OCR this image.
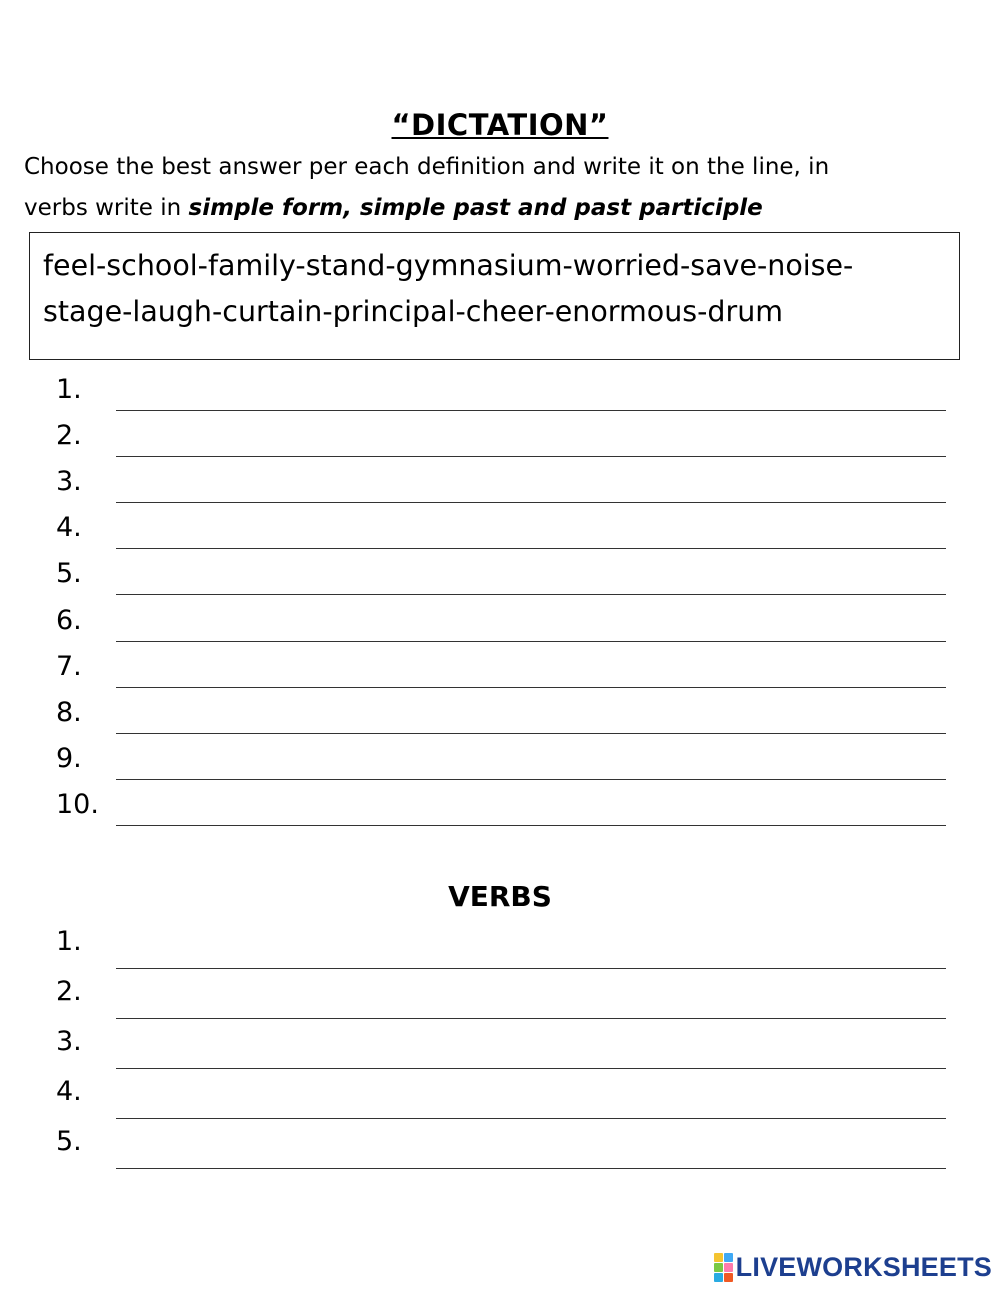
“DICTATION”
Choose the best answer per each definition and write it on the line, in
verbs write in simple form, simple past and past participle
feel-school-family-stand-gymnasium-worried-save-noise-
stage-laugh-curtain-principal-cheer-enormous-drum
1.
2.
3.
4.
5.
6.
7.
8.
9.
10.
VERBS
1.
2.
3.
4.
5.
LIVEWORKSHEETS
